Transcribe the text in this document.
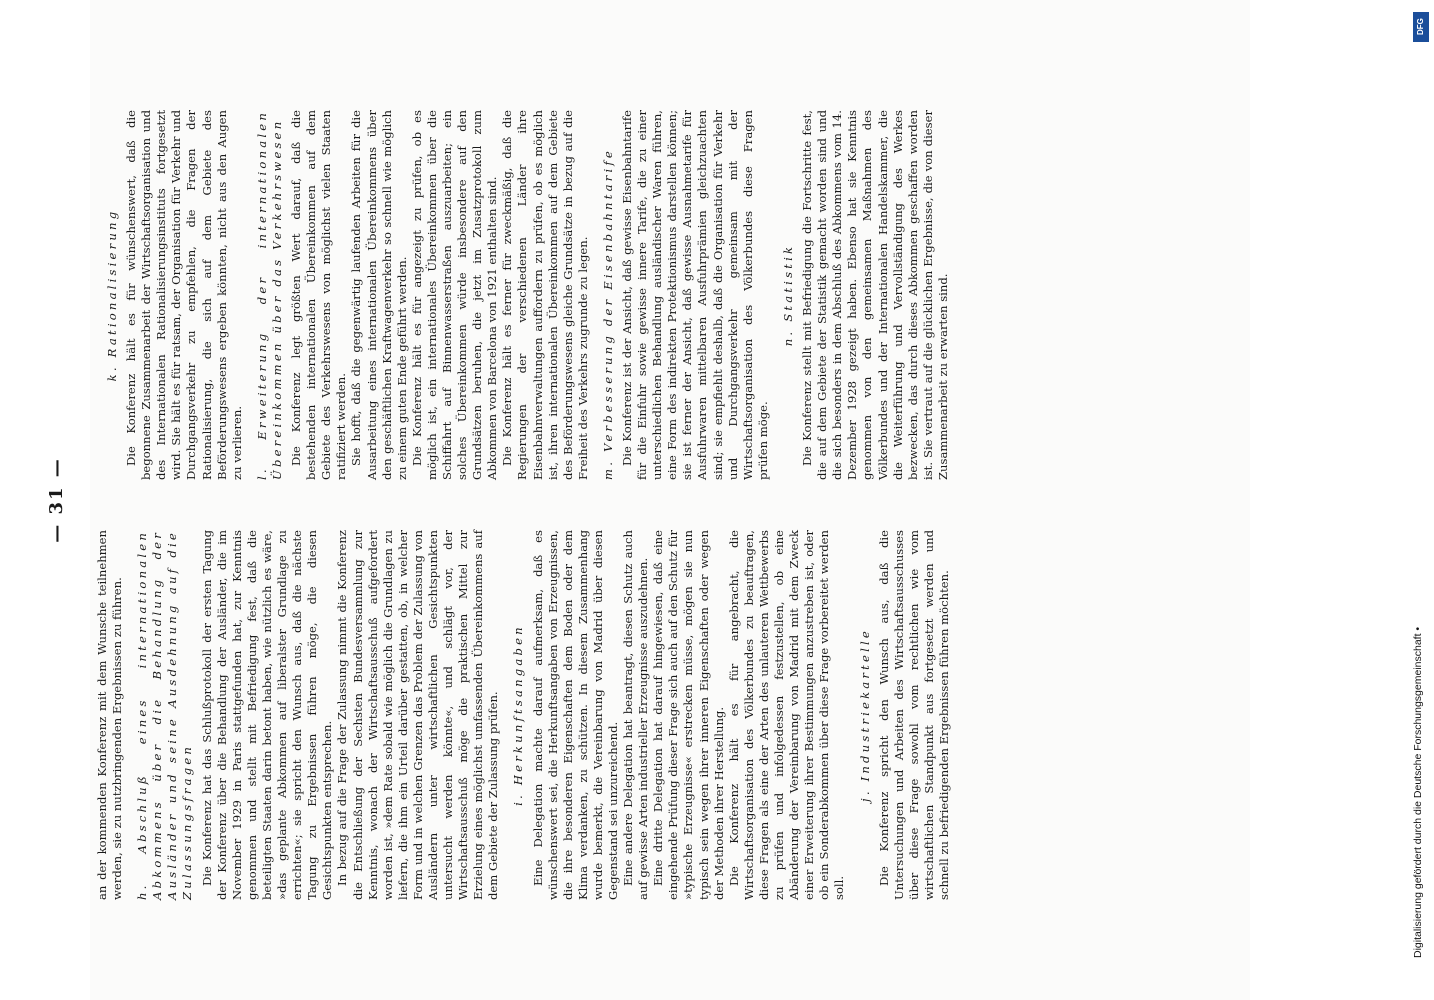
— 31 —

an der kommenden Konferenz mit dem Wunsche teilnehmen werden, sie zu nutzbringenden Ergebnissen zu führen. h. Abschluß eines internationalen Abkommens über die Behandlung der Ausländer und seine Ausdehnung auf die Zulassungsfragen Die Konferenz hat das Schlußprotokoll der ersten Tagung der Konferenz über die Behandlung der Ausländer, die im November 1929 in Paris stattgefunden hat, zur Kenntnis genommen und stellt mit Befriedigung fest, daß die beteiligten Staaten darin betont haben, wie nützlich es wäre, »das geplante Abkommen auf liberalster Grundlage zu errichten«; sie spricht den Wunsch aus, daß die nächste Tagung zu Ergebnissen führen möge, die diesen Gesichtspunkten entsprechen. In bezug auf die Frage der Zulassung nimmt die Konferenz die Entschließung der Sechsten Bundesversammlung zur Kenntnis, wonach der Wirtschaftsausschuß aufgefordert worden ist, »dem Rate sobald wie möglich die Grundlagen zu liefern, die ihm ein Urteil darüber gestatten, ob, in welcher Form und in welchen Grenzen das Problem der Zulassung von Ausländern unter wirtschaftlichen Gesichtspunkten untersucht werden könnte«, und schlägt vor, der Wirtschaftsausschuß möge die praktischen Mittel zur Erzielung eines möglichst umfassenden Übereinkommens auf dem Gebiete der Zulassung prüfen. i. Herkunftsangaben Eine Delegation machte darauf aufmerksam, daß es wünschenswert sei, die Herkunftsangaben von Erzeugnissen, die ihre besonderen Eigenschaften dem Boden oder dem Klima verdanken, zu schützen. In diesem Zusammenhang wurde bemerkt, die Vereinbarung von Madrid über diesen Gegenstand sei unzureichend. Eine andere Delegation hat beantragt, diesen Schutz auch auf gewisse Arten industrieller Erzeugnisse auszudehnen. Eine dritte Delegation hat darauf hingewiesen, daß eine eingehende Prüfung dieser Frage sich auch auf den Schutz für »typische Erzeugnisse« erstrecken müsse, mögen sie nun typisch sein wegen ihrer inneren Eigenschaften oder wegen der Methoden ihrer Herstellung. Die Konferenz hält es für angebracht, die Wirtschaftsorganisation des Völkerbundes zu beauftragen, diese Fragen als eine der Arten des unlauteren Wettbewerbs zu prüfen und infolgedessen festzustellen, ob eine Abänderung der Vereinbarung von Madrid mit dem Zweck einer Erweiterung ihrer Bestimmungen anzustreben ist, oder ob ein Sonderabkommen über diese Frage vorbereitet werden soll.

j. Industriekartelle Die Konferenz spricht den Wunsch aus, daß die Untersuchungen und Arbeiten des Wirtschaftsausschusses über diese Frage sowohl vom rechtlichen wie vom wirtschaftlichen Standpunkt aus fortgesetzt werden und schnell zu befriedigenden Ergebnissen führen möchten.

k. Rationalisierung Die Konferenz hält es für wünschenswert, daß die begonnene Zusammenarbeit der Wirtschaftsorganisation und des Internationalen Rationalisierungsinstituts fortgesetzt wird. Sie hält es für ratsam, der Organisation für Verkehr und Durchgangsverkehr zu empfehlen, die Fragen der Rationalisierung, die sich auf dem Gebiete des Beförderungswesens ergeben könnten, nicht aus den Augen zu verlieren. l. Erweiterung der internationalen Übereinkommen über das Verkehrswesen Die Konferenz legt größten Wert darauf, daß die bestehenden internationalen Übereinkommen auf dem Gebiete des Verkehrswesens von möglichst vielen Staaten ratifiziert werden. Sie hofft, daß die gegenwärtig laufenden Arbeiten für die Ausarbeitung eines internationalen Übereinkommens über den geschäftlichen Kraftwagenverkehr so schnell wie möglich zu einem guten Ende geführt werden. Die Konferenz hält es für angezeigt zu prüfen, ob es möglich ist, ein internationales Übereinkommen über die Schiffahrt auf Binnenwasserstraßen auszuarbeiten; ein solches Übereinkommen würde insbesondere auf den Grundsätzen beruhen, die jetzt im Zusatzprotokoll zum Abkommen von Barcelona von 1921 enthalten sind. Die Konferenz hält es ferner für zweckmäßig, daß die Regierungen der verschiedenen Länder ihre Eisenbahnverwaltungen auffordern zu prüfen, ob es möglich ist, ihren internationalen Übereinkommen auf dem Gebiete des Beförderungswesens gleiche Grundsätze in bezug auf die Freiheit des Verkehrs zugrunde zu legen. m. Verbesserung der Eisenbahntarife Die Konferenz ist der Ansicht, daß gewisse Eisenbahntarife für die Einfuhr sowie gewisse innere Tarife, die zu einer unterschiedlichen Behandlung ausländischer Waren führen, eine Form des indirekten Protektionismus darstellen können; sie ist ferner der Ansicht, daß gewisse Ausnahmetarife für Ausfuhrwaren mittelbaren Ausfuhrprämien gleichzuachten sind; sie empfiehlt deshalb, daß die Organisation für Verkehr und Durchgangsverkehr gemeinsam mit der Wirtschaftsorganisation des Völkerbundes diese Fragen prüfen möge.

n. Statistik Die Konferenz stellt mit Befriedigung die Fortschritte fest, die auf dem Gebiete der Statistik gemacht worden sind und die sich besonders in dem Abschluß des Abkommens vom 14. Dezember 1928 gezeigt haben. Ebenso hat sie Kenntnis genommen von den gemeinsamen Maßnahmen des Völkerbundes und der Internationalen Handelskammer, die die Weiterführung und Vervollständigung des Werkes bezwecken, das durch dieses Abkommen geschaffen worden ist. Sie vertraut auf die glücklichen Ergebnisse, die von dieser Zusammenarbeit zu erwarten sind.

Digitalisierung gefördert durch die Deutsche Forschungsgemeinschaft •
DFG
